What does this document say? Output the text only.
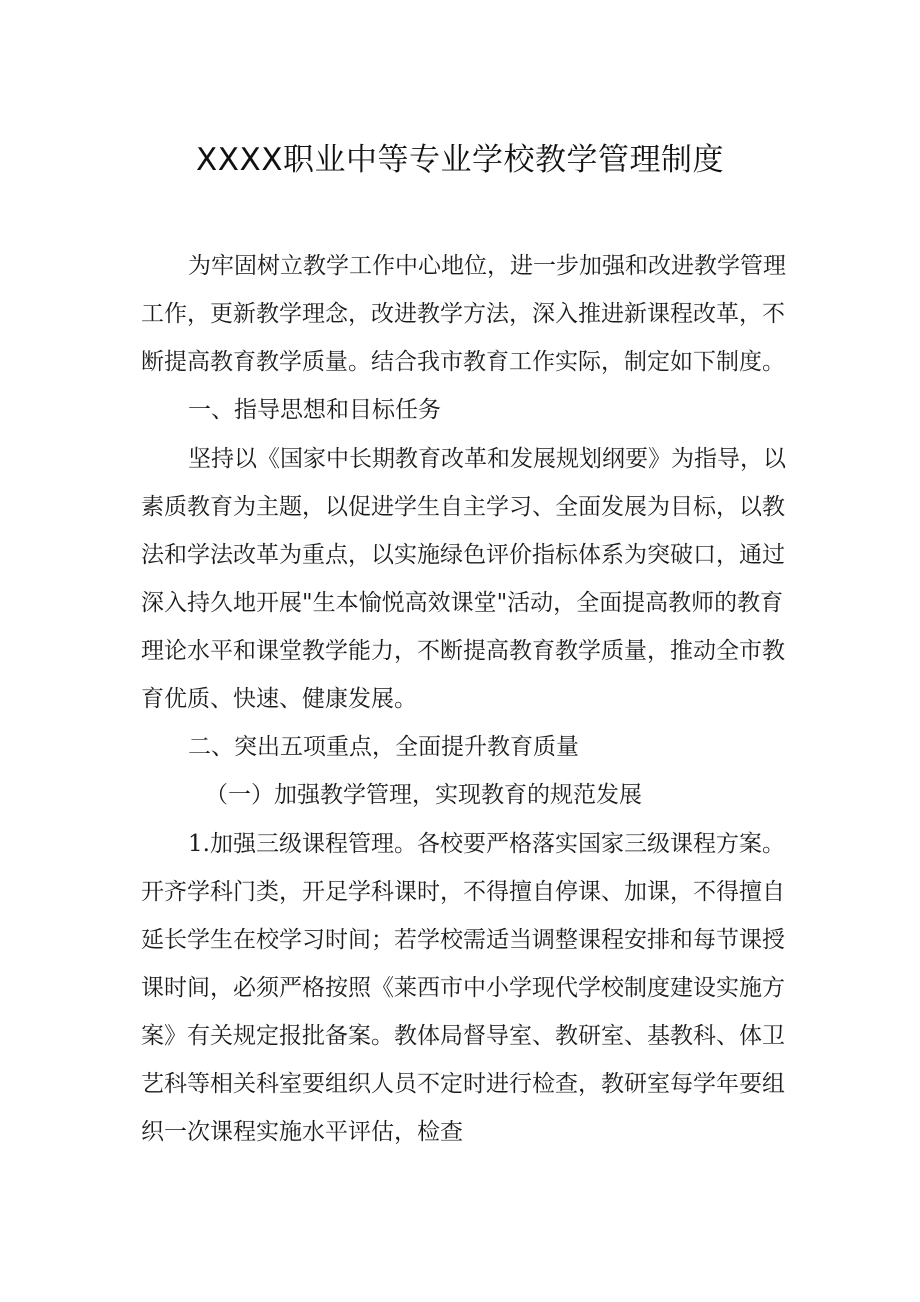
XXXX职业中等专业学校教学管理制度
为牢固树立教学工作中心地位，进一步加强和改进教学管理
工作，更新教学理念，改进教学方法，深入推进新课程改革，不
断提高教育教学质量。结合我市教育工作实际，制定如下制度。
一、指导思想和目标任务
坚持以《国家中长期教育改革和发展规划纲要》为指导，以
素质教育为主题，以促进学生自主学习、全面发展为目标，以教
法和学法改革为重点，以实施绿色评价指标体系为突破口，通过
深入持久地开展"生本愉悦高效课堂"活动，全面提高教师的教育
理论水平和课堂教学能力，不断提高教育教学质量，推动全市教
育优质、快速、健康发展。
二、突出五项重点，全面提升教育质量
（一）加强教学管理，实现教育的规范发展
1.加强三级课程管理。各校要严格落实国家三级课程方案。
开齐学科门类，开足学科课时，不得擅自停课、加课，不得擅自
延长学生在校学习时间；若学校需适当调整课程安排和每节课授
课时间，必须严格按照《莱西市中小学现代学校制度建设实施方
案》有关规定报批备案。教体局督导室、教研室、基教科、体卫
艺科等相关科室要组织人员不定时进行检查，教研室每学年要组
织一次课程实施水平评估，检查
